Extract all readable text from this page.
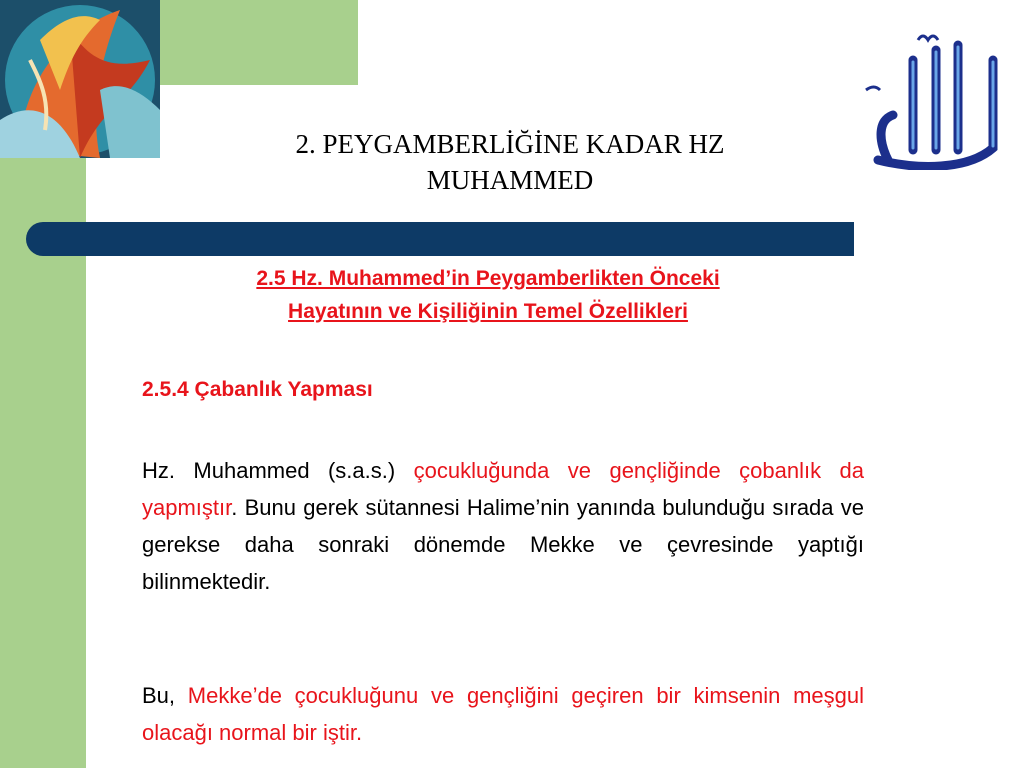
2. PEYGAMBERLİĞİNE KADAR HZ
MUHAMMED
2.5 Hz. Muhammed’in Peygamberlikten Önceki
Hayatının ve Kişiliğinin Temel Özellikleri
2.5.4 Çabanlık Yapması

Hz. Muhammed (s.a.s.) çocukluğunda ve gençliğinde çobanlık da yapmıştır. Bunu gerek sütannesi Halime’nin yanında bulunduğu sırada ve gerekse daha sonraki dönemde Mekke ve çevresinde yaptığı bilinmektedir.

Bu, Mekke’de çocukluğunu ve gençliğini geçiren bir kimsenin meşgul olacağı normal bir iştir.
